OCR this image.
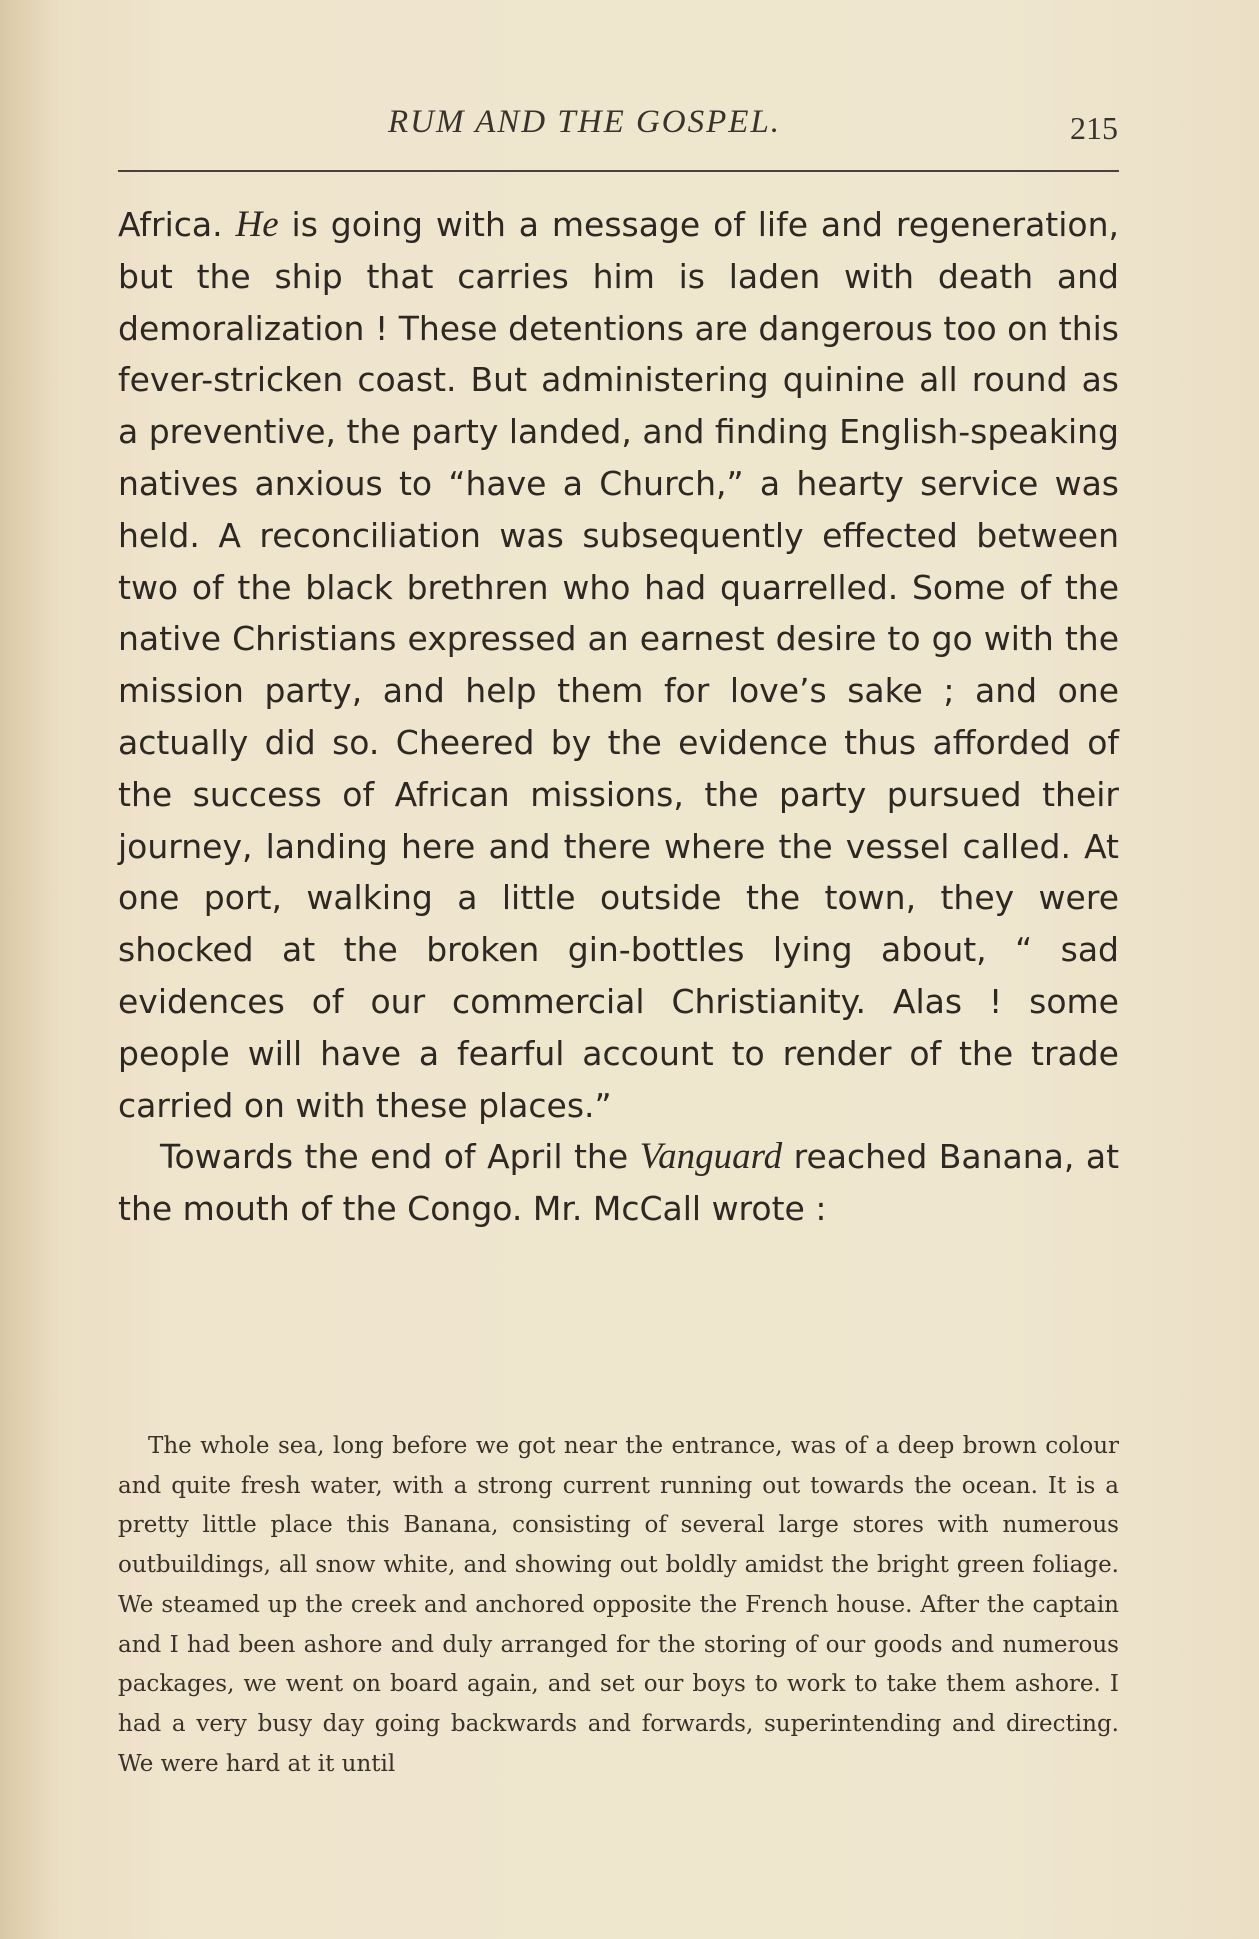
RUM AND THE GOSPEL.	215

Africa. He is going with a message of life and regeneration, but the ship that carries him is laden with death and demoralization ! These detentions are dangerous too on this fever-stricken coast. But administering quinine all round as a preventive, the party landed, and finding English-speaking natives anxious to “have a Church,” a hearty service was held. A reconciliation was subsequently effected between two of the black brethren who had quarrelled. Some of the native Christians expressed an earnest desire to go with the mission party, and help them for love’s sake ; and one actually did so. Cheered by the evidence thus afforded of the success of African missions, the party pursued their journey, landing here and there where the vessel called. At one port, walking a little outside the town, they were shocked at the broken gin-bottles lying about, “ sad evidences of our commercial Christianity. Alas ! some people will have a fearful account to render of the trade carried on with these places.”

Towards the end of April the Vanguard reached Banana, at the mouth of the Congo. Mr. McCall wrote :

The whole sea, long before we got near the entrance, was of a deep brown colour and quite fresh water, with a strong current running out towards the ocean. It is a pretty little place this Banana, consisting of several large stores with numerous outbuildings, all snow white, and showing out boldly amidst the bright green foliage. We steamed up the creek and anchored opposite the French house. After the captain and I had been ashore and duly arranged for the storing of our goods and numerous packages, we went on board again, and set our boys to work to take them ashore. I had a very busy day going backwards and forwards, superintending and directing. We were hard at it until
